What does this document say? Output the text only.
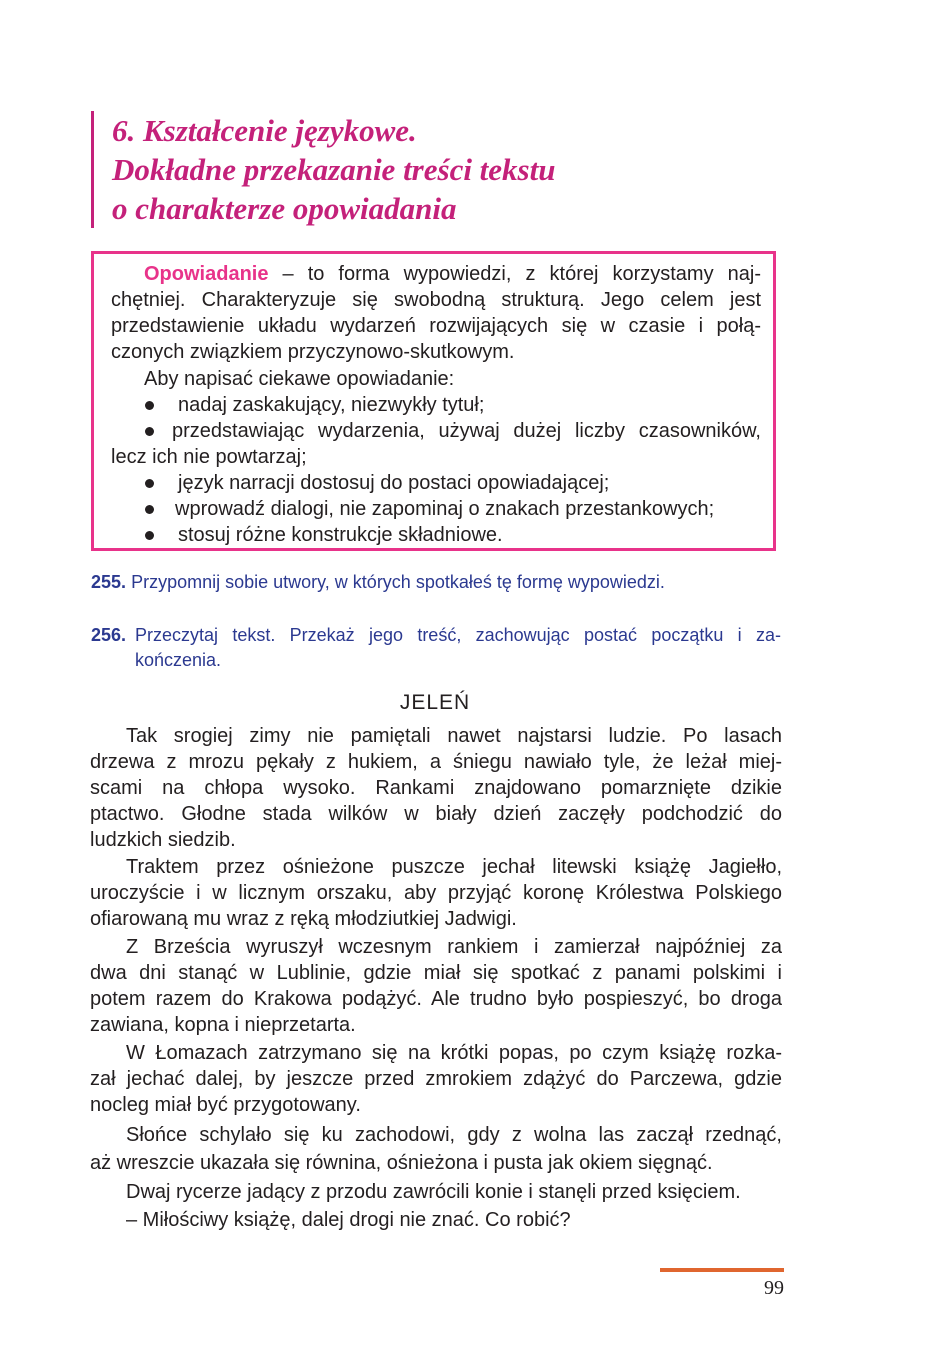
6. Kształcenie językowe.
Dokładne przekazanie treści tekstu
o charakterze opowiadania
Opowiadanie – to forma wypowiedzi, z której korzystamy naj-
chętniej. Charakteryzuje się swobodną strukturą. Jego celem jest
przedstawienie układu wydarzeń rozwijających się w czasie i połą-
czonych związkiem przyczynowo-skutkowym.
Aby napisać ciekawe opowiadanie:
nadaj zaskakujący, niezwykły tytuł;
przedstawiając wydarzenia, używaj dużej liczby czasowników,
lecz ich nie powtarzaj;
język narracji dostosuj do postaci opowiadającej;
wprowadź dialogi, nie zapominaj o znakach przestankowych;
stosuj różne konstrukcje składniowe.
255. Przypomnij sobie utwory, w których spotkałeś tę formę wypowiedzi.
256. Przeczytaj tekst. Przekaż jego treść, zachowując postać początku i za-
kończenia.
JELEŃ
Tak srogiej zimy nie pamiętali nawet najstarsi ludzie. Po lasach
drzewa z mrozu pękały z hukiem, a śniegu nawiało tyle, że leżał miej-
scami na chłopa wysoko. Rankami znajdowano pomarznięte dzikie
ptactwo. Głodne stada wilków w biały dzień zaczęły podchodzić do
ludzkich siedzib.
Traktem przez ośnieżone puszcze jechał litewski książę Jagiełło,
uroczyście i w licznym orszaku, aby przyjąć koronę Królestwa Polskiego
ofiarowaną mu wraz z ręką młodziutkiej Jadwigi.
Z Brześcia wyruszył wczesnym rankiem i zamierzał najpóźniej za
dwa dni stanąć w Lublinie, gdzie miał się spotkać z panami polskimi i
potem razem do Krakowa podążyć. Ale trudno było pospieszyć, bo droga
zawiana, kopna i nieprzetarta.
W Łomazach zatrzymano się na krótki popas, po czym książę rozka-
zał jechać dalej, by jeszcze przed zmrokiem zdążyć do Parczewa, gdzie
nocleg miał być przygotowany.
Słońce schylało się ku zachodowi, gdy z wolna las zaczął rzednąć,
aż wreszcie ukazała się równina, ośnieżona i pusta jak okiem sięgnąć.
Dwaj rycerze jadący z przodu zawrócili konie i stanęli przed księciem.
– Miłościwy książę, dalej drogi nie znać. Co robić?
99
